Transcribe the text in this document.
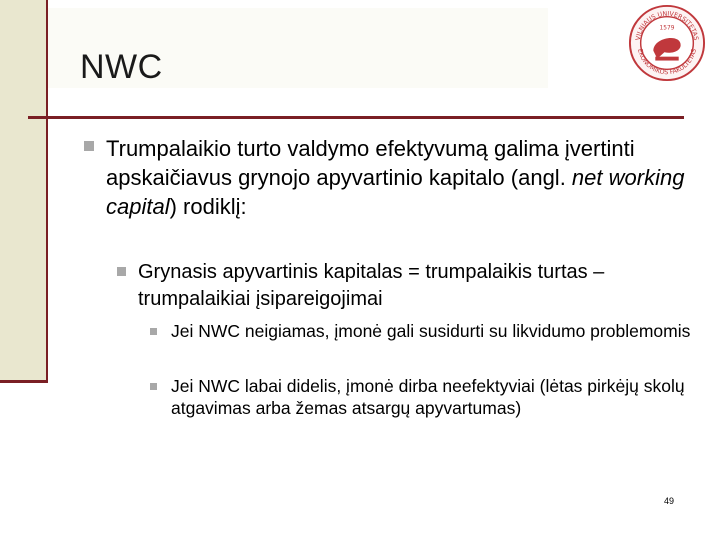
NWC
VILNIAUS UNIVERSITETAS
EKONOMIKOS FAKULTETAS
1579
Trumpalaikio turto valdymo efektyvumą galima įvertinti apskaičiavus grynojo apyvartinio kapitalo (angl. net working capital) rodiklį:
Grynasis apyvartinis kapitalas = trumpalaikis turtas – trumpalaikiai įsipareigojimai
Jei NWC neigiamas, įmonė gali susidurti su likvidumo problemomis
Jei NWC labai didelis, įmonė dirba neefektyviai (lėtas pirkėjų skolų atgavimas arba žemas atsargų apyvartumas)
49
